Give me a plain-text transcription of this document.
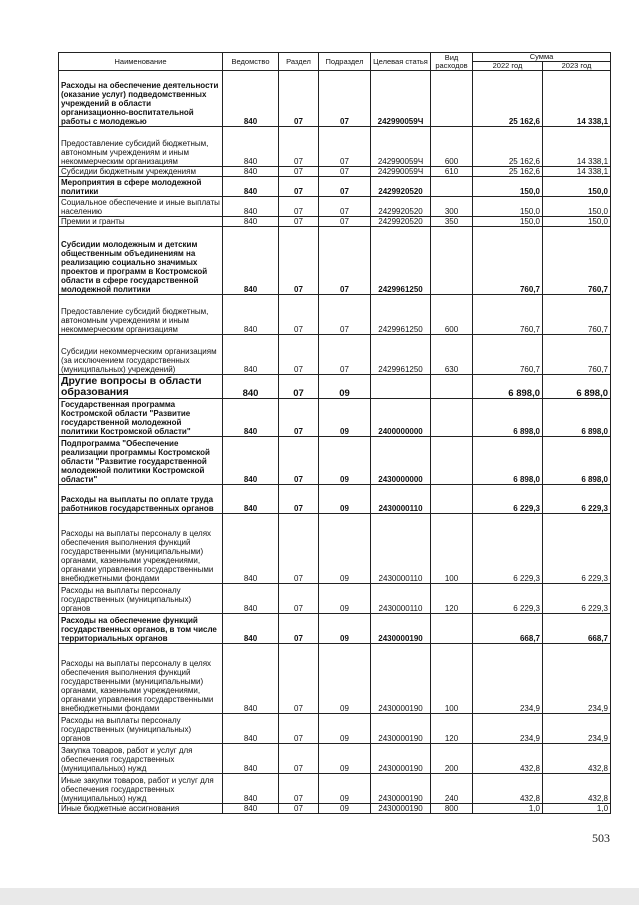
Наименование	Ведомство	Раздел	Подраздел	Целевая статья	Вид расходов	Сумма	
						2022 год	2023 год
Расходы на обеспечение деятельности (оказание услуг) подведомственных учреждений в области организационно-воспитательной работы с молодежью	840	07	07	242990059Ч		25 162,6	14 338,1
Предоставление субсидий бюджетным, автономным учреждениям и иным некоммерческим организациям	840	07	07	242990059Ч	600	25 162,6	14 338,1
Субсидии бюджетным учреждениям	840	07	07	242990059Ч	610	25 162,6	14 338,1
Мероприятия в сфере молодежной политики	840	07	07	2429920520		150,0	150,0
Социальное обеспечение и иные выплаты населению	840	07	07	2429920520	300	150,0	150,0
Премии и гранты	840	07	07	2429920520	350	150,0	150,0
Субсидии молодежным и детским общественным объединениям на реализацию социально значимых проектов и программ в Костромской области в сфере государственной молодежной политики	840	07	07	2429961250		760,7	760,7
Предоставление субсидий бюджетным, автономным учреждениям и иным некоммерческим организациям	840	07	07	2429961250	600	760,7	760,7
Субсидии некоммерческим организациям (за исключением государственных (муниципальных) учреждений)	840	07	07	2429961250	630	760,7	760,7
Другие вопросы в области образования	840	07	09			6 898,0	6 898,0
Государственная программа Костромской области "Развитие государственной молодежной политики Костромской области"	840	07	09	2400000000		6 898,0	6 898,0
Подпрограмма "Обеспечение реализации программы Костромской области "Развитие государственной молодежной политики Костромской области"	840	07	09	2430000000		6 898,0	6 898,0
Расходы на выплаты по оплате труда работников государственных органов	840	07	09	2430000110		6 229,3	6 229,3
Расходы на выплаты персоналу в целях обеспечения выполнения функций государственными (муниципальными) органами, казенными учреждениями, органами управления государственными внебюджетными фондами	840	07	09	2430000110	100	6 229,3	6 229,3
Расходы на выплаты персоналу государственных (муниципальных) органов	840	07	09	2430000110	120	6 229,3	6 229,3
Расходы на обеспечение функций государственных органов, в том числе территориальных органов	840	07	09	2430000190		668,7	668,7
Расходы на выплаты персоналу в целях обеспечения выполнения функций государственными (муниципальными) органами, казенными учреждениями, органами управления государственными внебюджетными фондами	840	07	09	2430000190	100	234,9	234,9
Расходы на выплаты персоналу государственных (муниципальных) органов	840	07	09	2430000190	120	234,9	234,9
Закупка товаров, работ и услуг для обеспечения государственных (муниципальных) нужд	840	07	09	2430000190	200	432,8	432,8
Иные закупки товаров, работ и услуг для обеспечения государственных (муниципальных) нужд	840	07	09	2430000190	240	432,8	432,8
Иные бюджетные ассигнования	840	07	09	2430000190	800	1,0	1,0
503
